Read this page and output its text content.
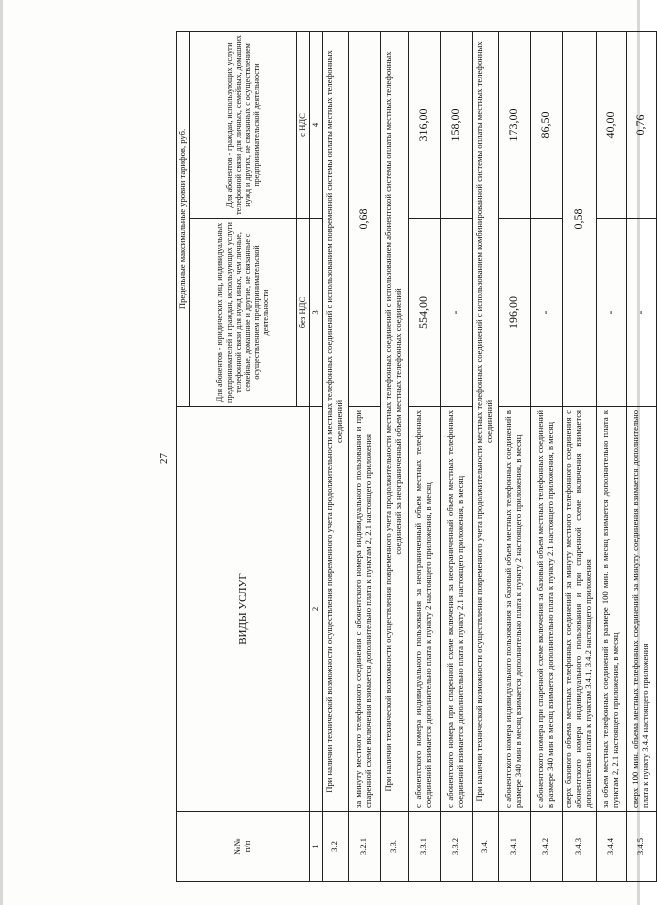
27
№№
п/п	ВИДЫ УСЛУГ	Предельные максимальные уровни тарифов, руб.	
		Для абонентов - юридических лиц, индивидуальных предпринимателей и граждан, использующих услуги телефонной связи для нужд иных, чем личные, семейные, домашние и другие, не связанные с осуществлением предпринимательской деятельности	Для абонентов - граждан, использующих услуги телефонной связи для личных, семейных, домашних нужд и других, не связанных с осуществлением предпринимательской деятельности
		без НДС	с НДС
1	2	3	4
3.2	При наличии технической возможности осуществления повременного учета продолжительности местных телефонных соединений с использованием повременной системы оплаты местных телефонных соединений		
3.2.1	за минуту местного телефонного соединения с абонентского номера индивидуального пользования и при спаренной схеме включения взимается дополнительно плата к пунктам 2, 2.1 настоящего приложения	0,68	
3.3.	При наличии технической возможности осуществления повременного учета продолжительности местных телефонных соединений с использованием абонентской системы оплаты местных телефонных соединений за неограниченный объем местных телефонных соединений		
3.3.1	с абонентского номера индивидуального пользования за неограниченный объем местных телефонных соединений взимается дополнительно плата к пункту 2 настоящего приложения, в месяц	554,00	316,00
3.3.2	с абонентского номера при спаренной схеме включения за неограниченный объем местных телефонных соединений взимается дополнительно плата к пункту 2.1 настоящего приложения, в месяц	-	158,00
3.4.	При наличии технической возможности осуществления повременного учета продолжительности местных телефонных соединений с использованием комбинированной системы оплаты местных телефонных соединений		
3.4.1	с абонентского номера индивидуального пользования за базовый объем местных телефонных соединений в размере 340 мин в месяц взимается дополнительно плата к пункту 2 настоящего приложения, в месяц	196,00	173,00
3.4.2	с абонентского номера при спаренной схеме включения за базовый объем местных телефонных соединений в размере 340 мин в месяц взимается дополнительно плата к пункту 2.1 настоящего приложения, в месяц	-	86,50
3.4.3	сверх базового объема местных телефонных соединений за минуту местного телефонного соединения с абонентского номера индивидуального пользования и при спаренной схеме включения взимается дополнительно плата к пунктам 3.4.1, 3.4.2 настоящего приложения	0,58	
3.4.4	за объем местных телефонных соединений в размере 100 мин. в месяц взимается дополнительно плата к пунктам 2, 2.1 настоящего приложения, в месяц	-	40,00
3.4.5	сверх 100 мин. объема местных телефонных соединений за минуту соединения взимается дополнительно плата к пункту 3.4.4 настоящего приложения	-	0,76
